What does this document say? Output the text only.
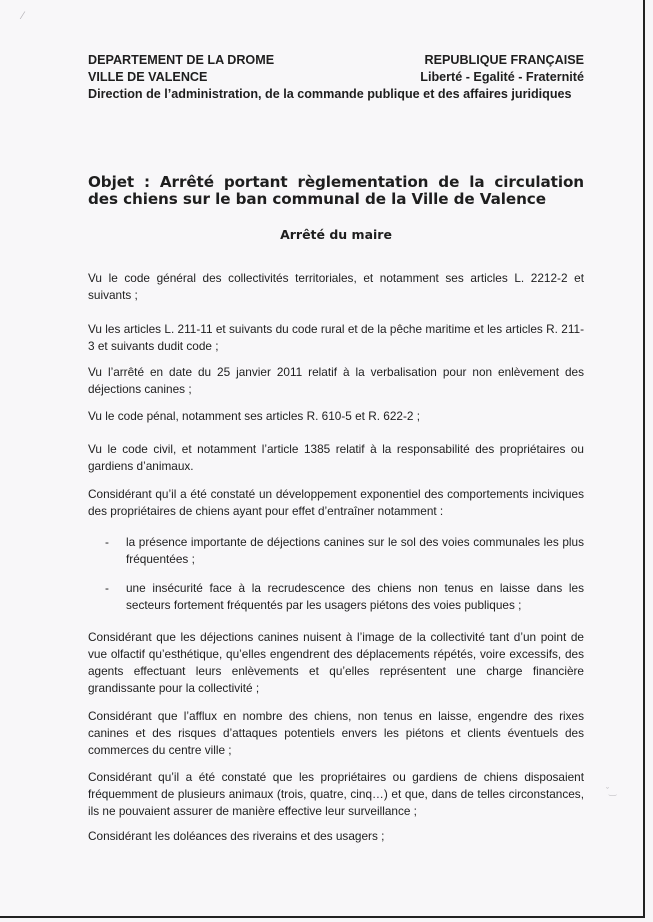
⁄
ˇ‿
DEPARTEMENT DE LA DROME	REPUBLIQUE FRANÇAISE
VILLE DE VALENCE	Liberté - Egalité - Fraternité
Direction de l’administration, de la commande publique et des affaires juridiques
Objet : Arrêté portant règlementation de la circulation des chiens sur le ban communal de la Ville de Valence
Arrêté du maire

Vu le code général des collectivités territoriales, et notamment ses articles L. 2212-2 et suivants ;

Vu les articles L. 211-11 et suivants du code rural et de la pêche maritime et les articles R. 211-3 et suivants dudit code ;

Vu l’arrêté en date du 25 janvier 2011 relatif à la verbalisation pour non enlèvement des déjections canines ;

Vu le code pénal, notamment ses articles R. 610-5 et R. 622-2 ;

Vu le code civil, et notamment l’article 1385 relatif à la responsabilité des propriétaires ou gardiens d’animaux.

Considérant qu’il a été constaté un développement exponentiel des comportements inciviques des propriétaires de chiens ayant pour effet d’entraîner notamment :

-	la présence importante de déjections canines sur le sol des voies communales les plus fréquentées ;
-	une insécurité face à la recrudescence des chiens non tenus en laisse dans les secteurs fortement fréquentés par les usagers piétons des voies publiques ;

Considérant que les déjections canines nuisent à l’image de la collectivité tant d’un point de vue olfactif qu’esthétique, qu’elles engendrent des déplacements répétés, voire excessifs, des agents effectuant leurs enlèvements et qu’elles représentent une charge financière grandissante pour la collectivité ;

Considérant que l’afflux en nombre des chiens, non tenus en laisse, engendre des rixes canines et des risques d’attaques potentiels envers les piétons et clients éventuels des commerces du centre ville ;

Considérant qu’il a été constaté que les propriétaires ou gardiens de chiens disposaient fréquemment de plusieurs animaux (trois, quatre, cinq…) et que, dans de telles circonstances, ils ne pouvaient assurer de manière effective leur surveillance ;

Considérant les doléances des riverains et des usagers ;
